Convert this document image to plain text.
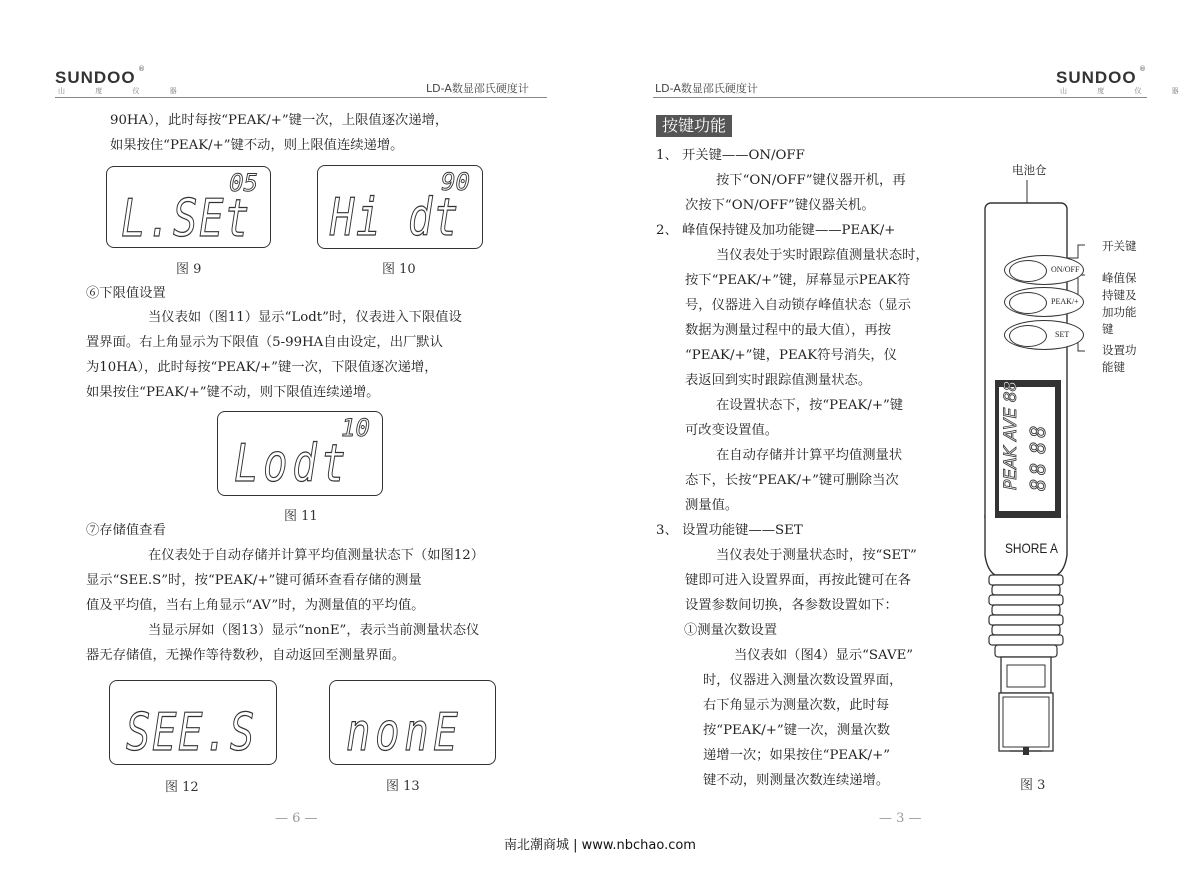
SUNDOO ®
山 度 仪 器	LD-A数显邵氏硬度计
90HA），此时每按“PEAK/+”键一次，上限值逐次递增，
如果按住“PEAK/+”键不动，则上限值连续递增。
05
L.SEt
图 9
90
Hi dt
图 10
⑥下限值设置
当仪表如（图11）显示“Lodt”时，仪表进入下限值设
置界面。右上角显示为下限值（5-99HA自由设定，出厂默认
为10HA），此时每按“PEAK/+”键一次，下限值逐次递增，
如果按住“PEAK/+”键不动，则下限值连续递增。
10
Lodt
图 11
⑦存储值查看
在仪表处于自动存储并计算平均值测量状态下（如图12）
显示“SEE.S”时，按“PEAK/+”键可循环查看存储的测量
值及平均值，当右上角显示“AV”时，为测量值的平均值。
当显示屏如（图13）显示“nonE”，表示当前测量状态仪
器无存储值，无操作等待数秒，自动返回至测量界面。
SEE.S
图 12
nonE
图 13
— 6 —
LD-A数显邵氏硬度计
SUNDOO ®
山 度 仪 器
按键功能
1、 开关键——ON/OFF
按下“ON/OFF”键仪器开机，再
次按下“ON/OFF”键仪器关机。
2、 峰值保持键及加功能键——PEAK/+
当仪表处于实时跟踪值测量状态时，
按下“PEAK/+”键，屏幕显示PEAK符
号，仪器进入自动锁存峰值状态（显示
数据为测量过程中的最大值），再按
“PEAK/+”键，PEAK符号消失，仪
表返回到实时跟踪值测量状态。
在设置状态下，按“PEAK/+”键
可改变设置值。
在自动存储并计算平均值测量状
态下，长按“PEAK/+”键可删除当次
测量值。
3、 设置功能键——SET
当仪表处于测量状态时，按“SET”
键即可进入设置界面，再按此键可在各
设置参数间切换，各参数设置如下：
①测量次数设置
当仪表如（图4）显示“SAVE”
时，仪器进入测量次数设置界面，
右下角显示为测量次数，此时每
按“PEAK/+”键一次，测量次数
递增一次；如果按住“PEAK/+”
键不动，则测量次数连续递增。
电池仓
ON/OFF
PEAK/+
SET
PEAK AVE 88 88 88
SHORE A
开关键
峰值保
持键及
加功能
键
设置功
能键
图 3
— 3 —
南北潮商城 | www.nbchao.com
